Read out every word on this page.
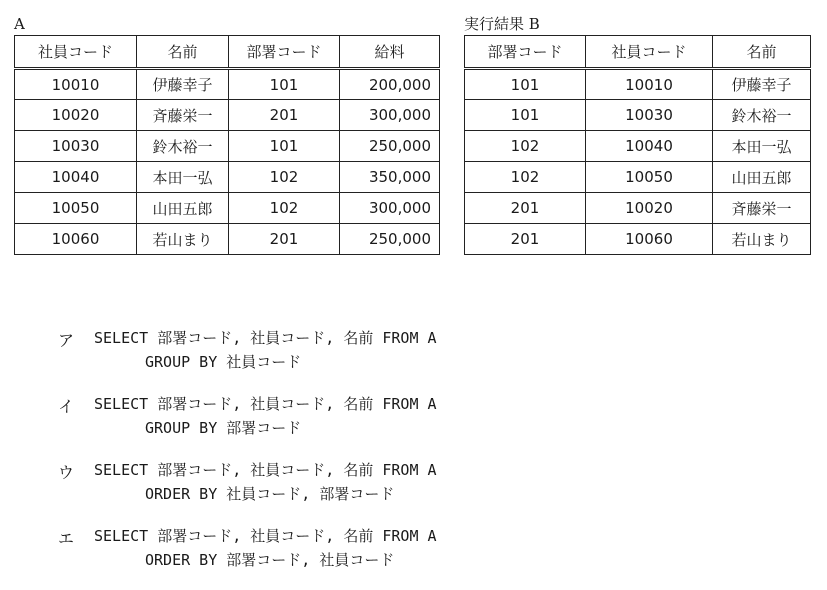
A
社員コード	名前	部署コード	給料
10010	伊藤幸子	101	200,000
10020	斉藤栄一	201	300,000
10030	鈴木裕一	101	250,000
10040	本田一弘	102	350,000
10050	山田五郎	102	300,000
10060	若山まり	201	250,000
実行結果 B
部署コード	社員コード	名前
101	10010	伊藤幸子
101	10030	鈴木裕一
102	10040	本田一弘
102	10050	山田五郎
201	10020	斉藤栄一
201	10060	若山まり
ア	SELECT 部署コード, 社員コード, 名前 FROM A
GROUP BY 社員コード
イ	SELECT 部署コード, 社員コード, 名前 FROM A
GROUP BY 部署コード
ウ	SELECT 部署コード, 社員コード, 名前 FROM A
ORDER BY 社員コード, 部署コード
エ	SELECT 部署コード, 社員コード, 名前 FROM A
ORDER BY 部署コード, 社員コード
